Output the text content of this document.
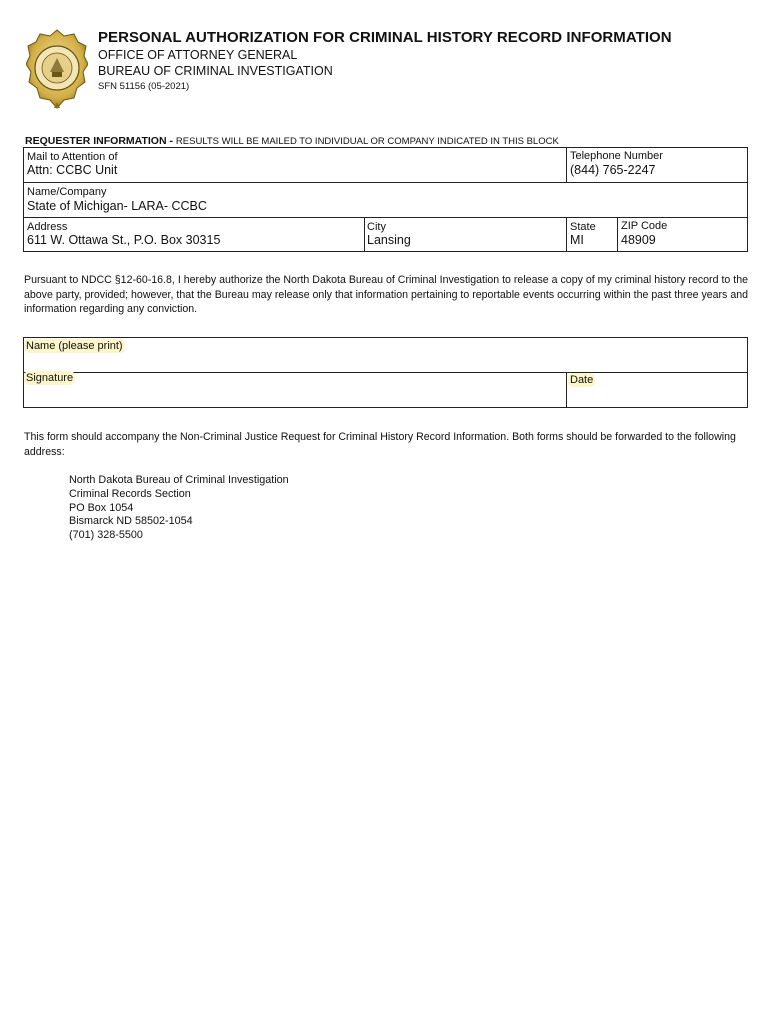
PERSONAL AUTHORIZATION FOR CRIMINAL HISTORY RECORD INFORMATION
OFFICE OF ATTORNEY GENERAL
BUREAU OF CRIMINAL INVESTIGATION
SFN 51156 (05-2021)
REQUESTER INFORMATION - RESULTS WILL BE MAILED TO INDIVIDUAL OR COMPANY INDICATED IN THIS BLOCK
Mail to Attention of
Attn: CCBC Unit
Telephone Number
(844) 765-2247
Name/Company
State of Michigan- LARA- CCBC
Address
611 W. Ottawa St., P.O. Box 30315
City
Lansing
State
MI
ZIP Code
48909
Pursuant to NDCC §12-60-16.8, I hereby authorize the North Dakota Bureau of Criminal Investigation to release a copy of my criminal history record to the above party, provided; however, that the Bureau may release only that information pertaining to reportable events occurring within the past three years and information regarding any conviction.
Name (please print)
Signature	Date
This form should accompany the Non-Criminal Justice Request for Criminal History Record Information. Both forms should be forwarded to the following address:
North Dakota Bureau of Criminal Investigation
Criminal Records Section
PO Box 1054
Bismarck ND 58502-1054
(701) 328-5500
